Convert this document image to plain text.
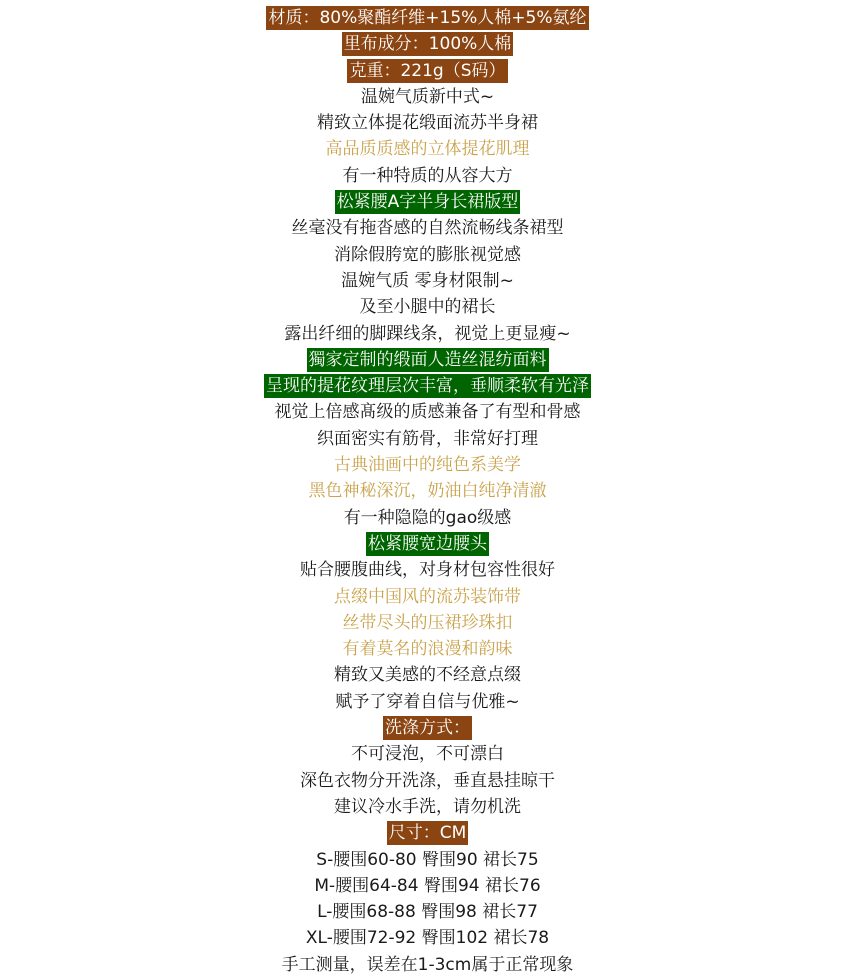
材质：80%聚酯纤维+15%人棉+5%氨纶
里布成分：100%人棉
克重：221g（S码）
温婉气质新中式~
精致立体提花缎面流苏半身裙
高品质质感的立体提花肌理
有一种特质的从容大方
松紧腰A字半身长裙版型
丝毫没有拖沓感的自然流畅线条裙型
消除假胯宽的膨胀视觉感
温婉气质 零身材限制~
及至小腿中的裙长
露出纤细的脚踝线条，视觉上更显瘦~
獨家定制的缎面人造丝混纺面料
呈现的提花纹理层次丰富，垂顺柔软有光泽
视觉上倍感髙级的质感兼备了有型和骨感
织面密实有筋骨，非常好打理
古典油画中的纯色系美学
黑色神秘深沉，奶油白纯净清澈
有一种隐隐的gao级感
松紧腰宽边腰头
贴合腰腹曲线，对身材包容性很好
点缀中国风的流苏装饰带
丝带尽头的压裙珍珠扣
有着莫名的浪漫和韵味
精致又美感的不经意点缀
赋予了穿着自信与优雅~
洗涤方式：
不可浸泡，不可漂白
深色衣物分开洗涤，垂直悬挂晾干
建议冷水手洗，请勿机洗
尺寸：CM
S-腰围60-80 臀围90 裙长75
M-腰围64-84 臀围94 裙长76
L-腰围68-88 臀围98 裙长77
XL-腰围72-92 臀围102 裙长78
手工测量，误差在1-3cm属于正常现象
